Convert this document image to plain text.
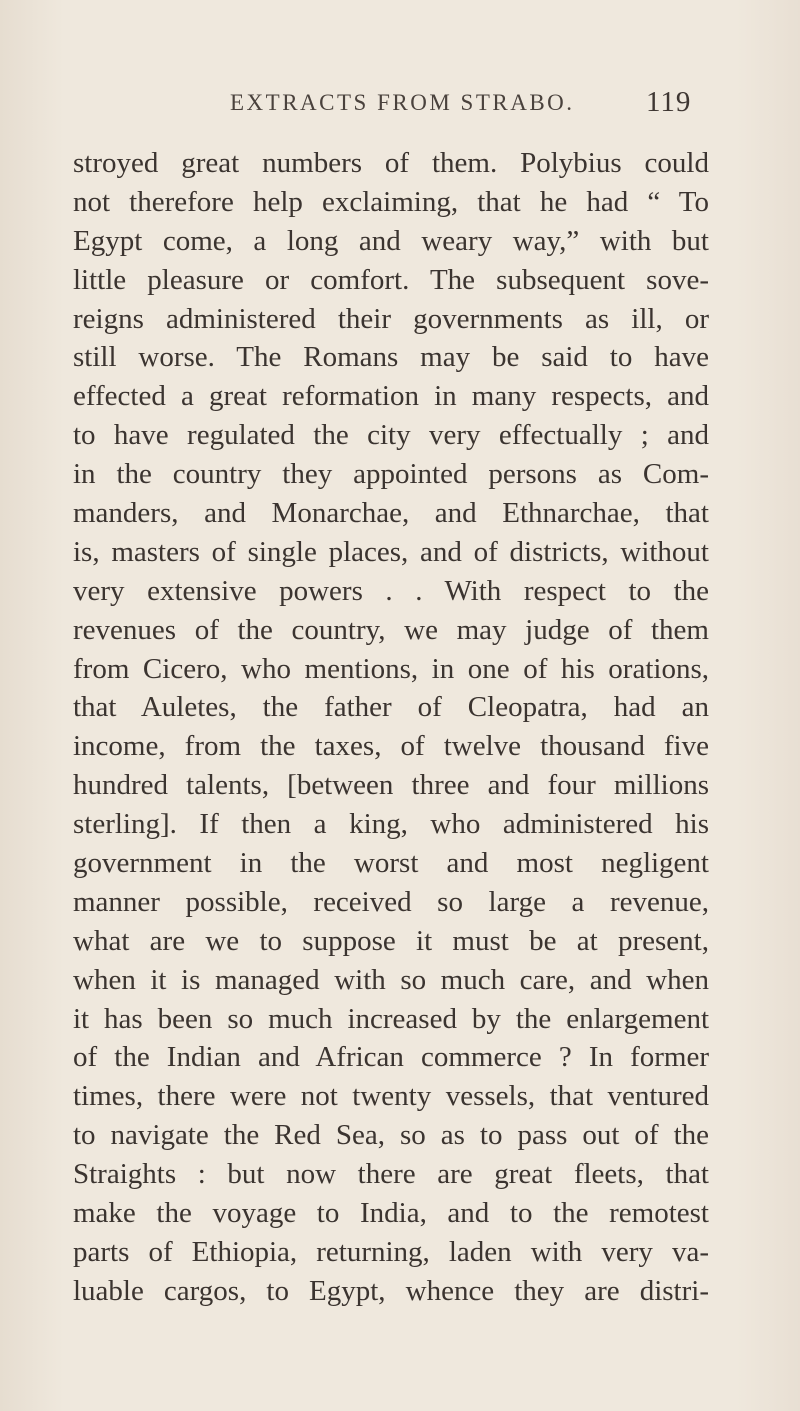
EXTRACTS FROM STRABO. 119
stroyed great numbers of them. Polybius could
not therefore help exclaiming, that he had “ To
Egypt come, a long and weary way,” with but
little pleasure or comfort. The subsequent sove-
reigns administered their governments as ill, or
still worse. The Romans may be said to have
effected a great reformation in many respects, and
to have regulated the city very effectually ; and
in the country they appointed persons as Com-
manders, and Monarchae, and Ethnarchae, that
is, masters of single places, and of districts, without
very extensive powers . . With respect to the
revenues of the country, we may judge of them
from Cicero, who mentions, in one of his orations,
that Auletes, the father of Cleopatra, had an
income, from the taxes, of twelve thousand five
hundred talents, [between three and four millions
sterling]. If then a king, who administered his
government in the worst and most negligent
manner possible, received so large a revenue,
what are we to suppose it must be at present,
when it is managed with so much care, and when
it has been so much increased by the enlargement
of the Indian and African commerce ? In former
times, there were not twenty vessels, that ventured
to navigate the Red Sea, so as to pass out of the
Straights : but now there are great fleets, that
make the voyage to India, and to the remotest
parts of Ethiopia, returning, laden with very va-
luable cargos, to Egypt, whence they are distri-
